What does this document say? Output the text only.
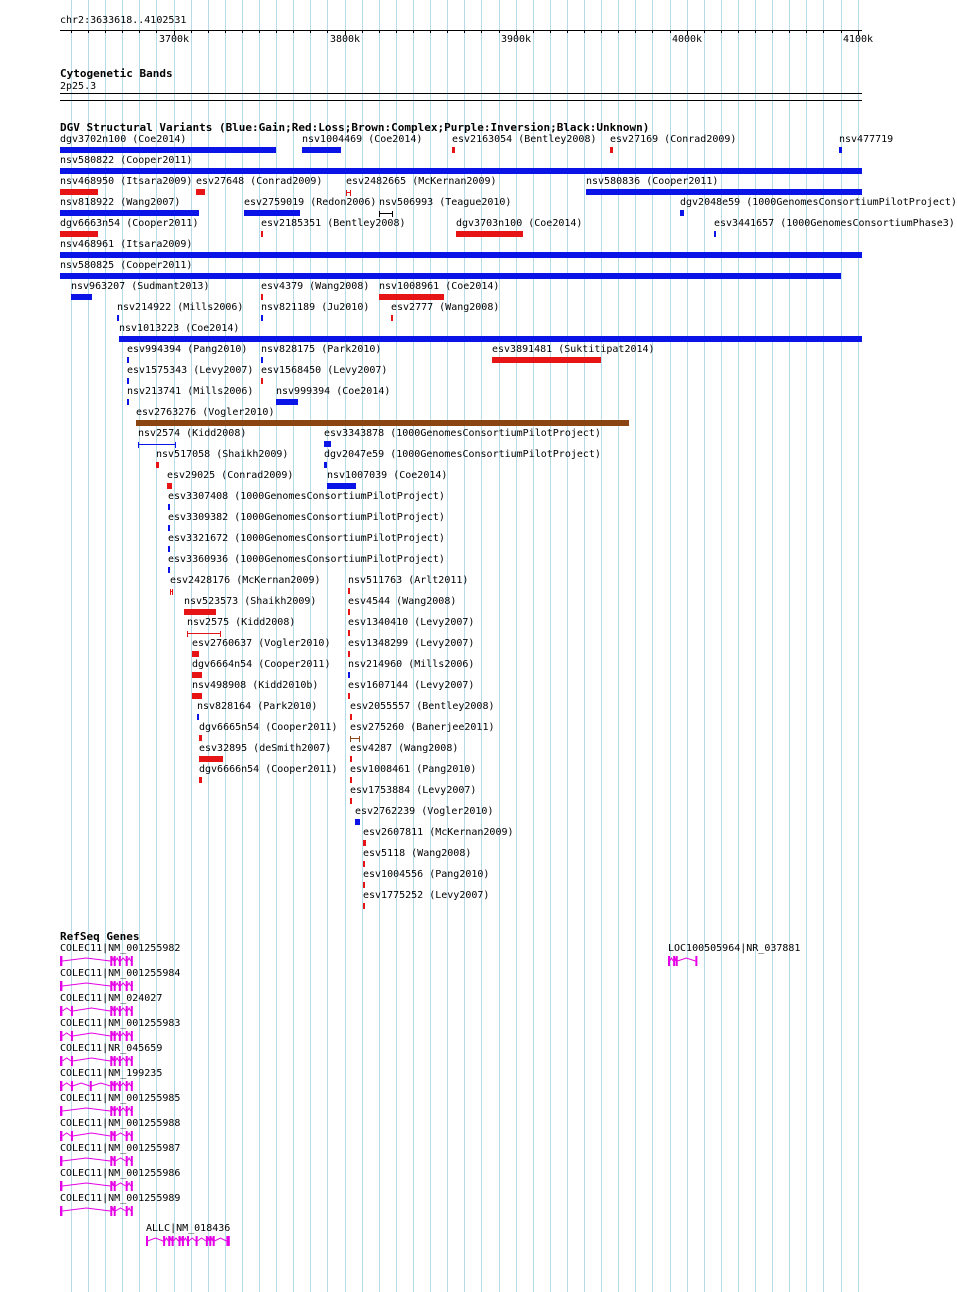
chr2:3633618..4102531
3700k	3800k	3900k	4000k	4100k
Cytogenetic Bands
2p25.3
DGV Structural Variants (Blue:Gain;Red:Loss;Brown:Complex;Purple:Inversion;Black:Unknown)
dgv3702n100 (Coe2014)	nsv1004469 (Coe2014)	esv2163054 (Bentley2008) esv27169 (Conrad2009)	nsv477719
nsv580822 (Cooper2011)
nsv468950 (Itsara2009) esv27648 (Conrad2009) esv2482665 (McKernan2009)	nsv580836 (Cooper2011)
nsv818922 (Wang2007)	esv2759019 (Redon2006) nsv506993 (Teague2010)	dgv2048e59 (1000GenomesConsortiumPilotProject)
dgv6663n54 (Cooper2011)	esv2185351 (Bentley2008)	dgv3703n100 (Coe2014)	esv3441657 (1000GenomesConsortiumPhase3)
nsv468961 (Itsara2009)
nsv580825 (Cooper2011)
nsv963207 (Sudmant2013)	esv4379 (Wang2008) nsv1008961 (Coe2014)
nsv214922 (Mills2006) nsv821189 (Ju2010) esv2777 (Wang2008)
nsv1013223 (Coe2014)
esv994394 (Pang2010) nsv828175 (Park2010)	esv3891481 (Suktitipat2014)
esv1575343 (Levy2007) esv1568450 (Levy2007)
nsv213741 (Mills2006) nsv999394 (Coe2014)
esv2763276 (Vogler2010)
nsv2574 (Kidd2008)	esv3343878 (1000GenomesConsortiumPilotProject)
nsv517058 (Shaikh2009)	dgv2047e59 (1000GenomesConsortiumPilotProject)
esv29025 (Conrad2009)	nsv1007039 (Coe2014)
esv3307408 (1000GenomesConsortiumPilotProject)
esv3309382 (1000GenomesConsortiumPilotProject)
esv3321672 (1000GenomesConsortiumPilotProject)
esv3360936 (1000GenomesConsortiumPilotProject)
esv2428176 (McKernan2009)	nsv511763 (Arlt2011)
nsv523573 (Shaikh2009)	esv4544 (Wang2008)
nsv2575 (Kidd2008)	esv1340410 (Levy2007)
esv2760637 (Vogler2010) esv1348299 (Levy2007)
dgv6664n54 (Cooper2011) nsv214960 (Mills2006)
nsv498908 (Kidd2010b)	esv1607144 (Levy2007)
nsv828164 (Park2010)	esv2055557 (Bentley2008)
dgv6665n54 (Cooper2011) esv275260 (Banerjee2011)
esv32895 (deSmith2007) esv4287 (Wang2008)
dgv6666n54 (Cooper2011) esv1008461 (Pang2010)
esv1753884 (Levy2007)
esv2762239 (Vogler2010)
esv2607811 (McKernan2009)
esv5118 (Wang2008)
esv1004556 (Pang2010)
esv1775252 (Levy2007)
RefSeq Genes
COLEC11|NM_001255982
COLEC11|NM_001255984
COLEC11|NM_024027
COLEC11|NM_001255983
COLEC11|NR_045659
COLEC11|NM_199235
COLEC11|NM_001255985
COLEC11|NM_001255988
COLEC11|NM_001255987
COLEC11|NM_001255986
COLEC11|NM_001255989
ALLC|NM_018436
LOC100505964|NR_037881
